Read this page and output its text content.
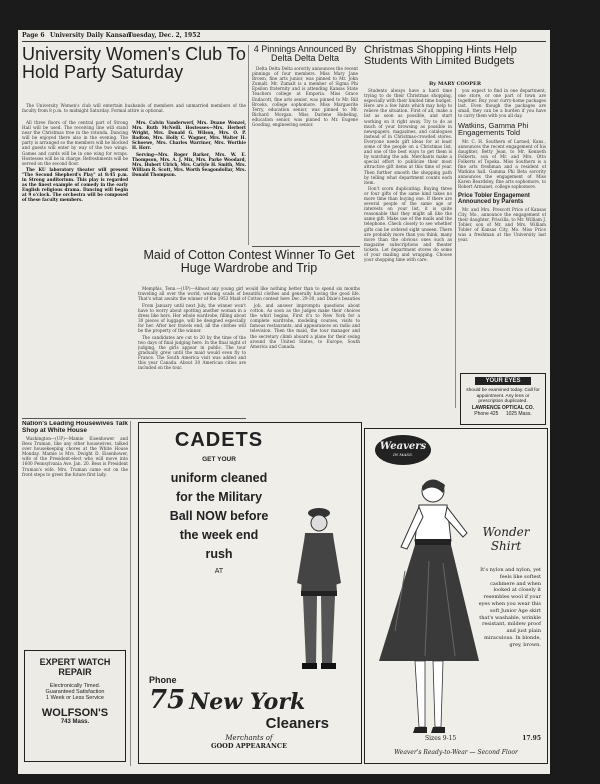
Page 6 University Daily Kansan
Tuesday, Dec. 2, 1952
University Women's Club To Hold Party Saturday

The University Women's club will entertain husbands of members and unmarried members of the faculty from 8 p.m. to midnight Saturday. Formal attire is optional.

All three floors of the central part of Strong Hall will be used. The receiving line will stand near the Christmas tree in the rotunda. Dancing will be enjoyed there also in the evening. The party is arranged so the members will be blocked and guests will enter by way of the two wings. Games and cards will be in one wing for wraps. Hostesses will be in charge. Refreshments will be served on the second floor.

The KU laboratory theater will present "The Second Shepherd's Play" at 8:45 p.m. in Strong auditorium. This play is regarded as the finest example of comedy in the early English religious drama. Dancing will begin at 9 o'clock. The orchestra will be composed of these faculty members.

Mrs. Calvin Vanderwerf, Mrs. Duane Wenzel, Mrs. Ruth McNeill. Hostesses—Mrs. Herbert Wright, Mrs. Donald G. Wilson, Mrs. O. P. Badton, Mrs. Holly C. Wagner, Mrs. Walter H. Schoewe, Mrs. Charles Warriner, Mrs. Worthie H. Horr.

Serving—Mrs. Roger Barker, Mrs. W. E. Thompson, Mrs. A. J. Mix, Mrs. Parke Woodard, Mrs. Hubert Ulrich, Mrs. Carlyle H. Smith, Mrs. William R. Scott, Mrs. Worth Seagondollar, Mrs. Donald Thompson.

Nation's Leading Housewives Talk Shop at White House

Washington—(UP)—Mamie Eisenhower and Bess Truman, like any other housewives, talked over housekeeping chores at the White House Monday. Mamie is Mrs. Dwight D. Eisenhower, wife of the President-elect who will move into 1600 Pennsylvania Ave. Jan. 20. Bess is President Truman's wife. Mrs. Truman came out on the front steps to greet the future first lady.

EXPERT WATCH
REPAIR
Electronically Timed.
Guaranteed Satisfaction
1 Week or Less Service
WOLFSON'S
743 Mass.
4 Pinnings Announced By Delta Delta Delta

Delta Delta Delta sorority announces the recent pinnings of four members. Miss Mary Jane Brown, fine arts junior, was pinned to Mr. John Zumalt. Mr. Zumalt is a member of Sigma Phi Epsilon fraternity and is attending Kansas State Teachers college at Emporia. Miss Grace Endacott, fine arts senior, was pinned to Mr. Bill Brooks, college sophomore. Miss Marguerite Terry, education senior, was pinned to Mr. Richard Morgan. Miss Darlene Hebeling, education senior, was pinned to Mr. Eugene Gooding, engineering senior.

Christmas Shopping Hints Help Students With Limited Budgets
By MARY COOPER

Students always have a hard time trying to do their Christmas shopping, especially with their limited time budget. Here are a few hints which may help to relieve the situation. First of all, make a list as soon as possible, and start working on it right away. Try to do as much of your browsing as possible in newspapers, magazines, and catalogues instead of in Christmas-crowded stores. Everyone needs gift ideas for at least some of the people on a Christmas list, and one of the best ways to get them is by watching the ads. Merchants make a special effort to publicize their most attractive gift items at this time of year. Then further smooth the shopping path by telling what department counts each item.

Don't scorn duplicating. Buying three or four gifts of the same kind takes no more time than buying one. If there are several people of the same age or interests on your list, it is quite reasonable that they might all like the same gift. Make use of the mails and the telephone. Check closely to see whether gifts can be ordered sight unseen. There are probably more than you think, many more than the obvious ones such as magazine subscriptions and theater tickets. Let department stores do some of your mailing and wrapping. Choose your shopping time with care.

you expect to find in one department, one store, or one part of town are together. Buy your curry-home packages last. Even though the packages are small, they can be a burden if you have to carry them with you all day.

Watkins, Gamma Phi Engagements Told

Mr. C. H. Southern of Larned, Kans., announces the recent engagement of his daughter, Betty Jean, to Mr. Kenneth Folkerts, son of Mr. and Mrs. Otto Folkerts of Topeka. Miss Southern is a fine arts freshman and a resident of Watkins hall. Gamma Phi Beta sorority announces the engagement of Miss Karen Beardsley, fine arts sophomore, to Robert Armanet, college sophomore.

Price Tobler Engagement Announced by Parents

Mr. and Mrs. Prescott Price of Kansas City, Mo., announce the engagement of their daughter, Priscilla, to Mr. William J. Tobler, son of Mr. and Mrs. William Tobler of Kansas City, Mo. Miss Price was a freshman at the University last year.

YOUR EYES
should be examined today. Call for appointment. Any lens or prescription duplicated.
LAWRENCE OPTICAL CO.
Phone 425 1025 Mass.
Maid of Cotton Contest Winner To Get Huge Wardrobe and Trip

Memphis, Tenn.—(UP)—Almost any young girl would like nothing better than to spend six months traveling all over the world, wearing scads of beautiful clothes and generally having the good life. That's what awaits the winner of the 1953 Maid of Cotton contest here Dec. 29-30, and Dixie's beauties

From January until next July, the winner won't have to worry about spotting another woman in a dress like hers. Her whole wardrobe, filling about 30 pieces of luggage, will be designed especially for her. After her travels end, all the clothes will be the property of the winner.

The candidates are cut to 20 by the time of the two days of final judging here. In the final night of judging, the girls appear in public. The tour gradually grew until the maid would even fly to France. The South America visit was added and this year Canada. About 30 American cities are included on the tour.

job, and answer impromptu questions about cotton. As soon as the judges make their choices the whirl begins. First it's to New York for a complete wardrobe, modeling courses, visits to famous restaurants, and appearances on radio and television. Then the maid, the tour manager and the secretary climb aboard a plane for their swing around the United States, to Europe, South America and Canada.

CADETS
GET YOUR
uniform cleaned
for the Military
Ball NOW before
the week end
rush
AT
Phone
75 New York
Cleaners
Merchants of
GOOD APPEARANCE
Weavers
IN MASS.
Wonder
Shirt
It's nylon and nylon, yet feels like softest cashmere and when looked at closely it resembles wool if your eyes when you wear this soft Junior Age skirt that's washable, wrinkle resistant, mildew proof and just plain miraculous. In blonde, grey, brown.
Sizes 9-15	17.95
Weaver's Ready-to-Wear — Second Floor
